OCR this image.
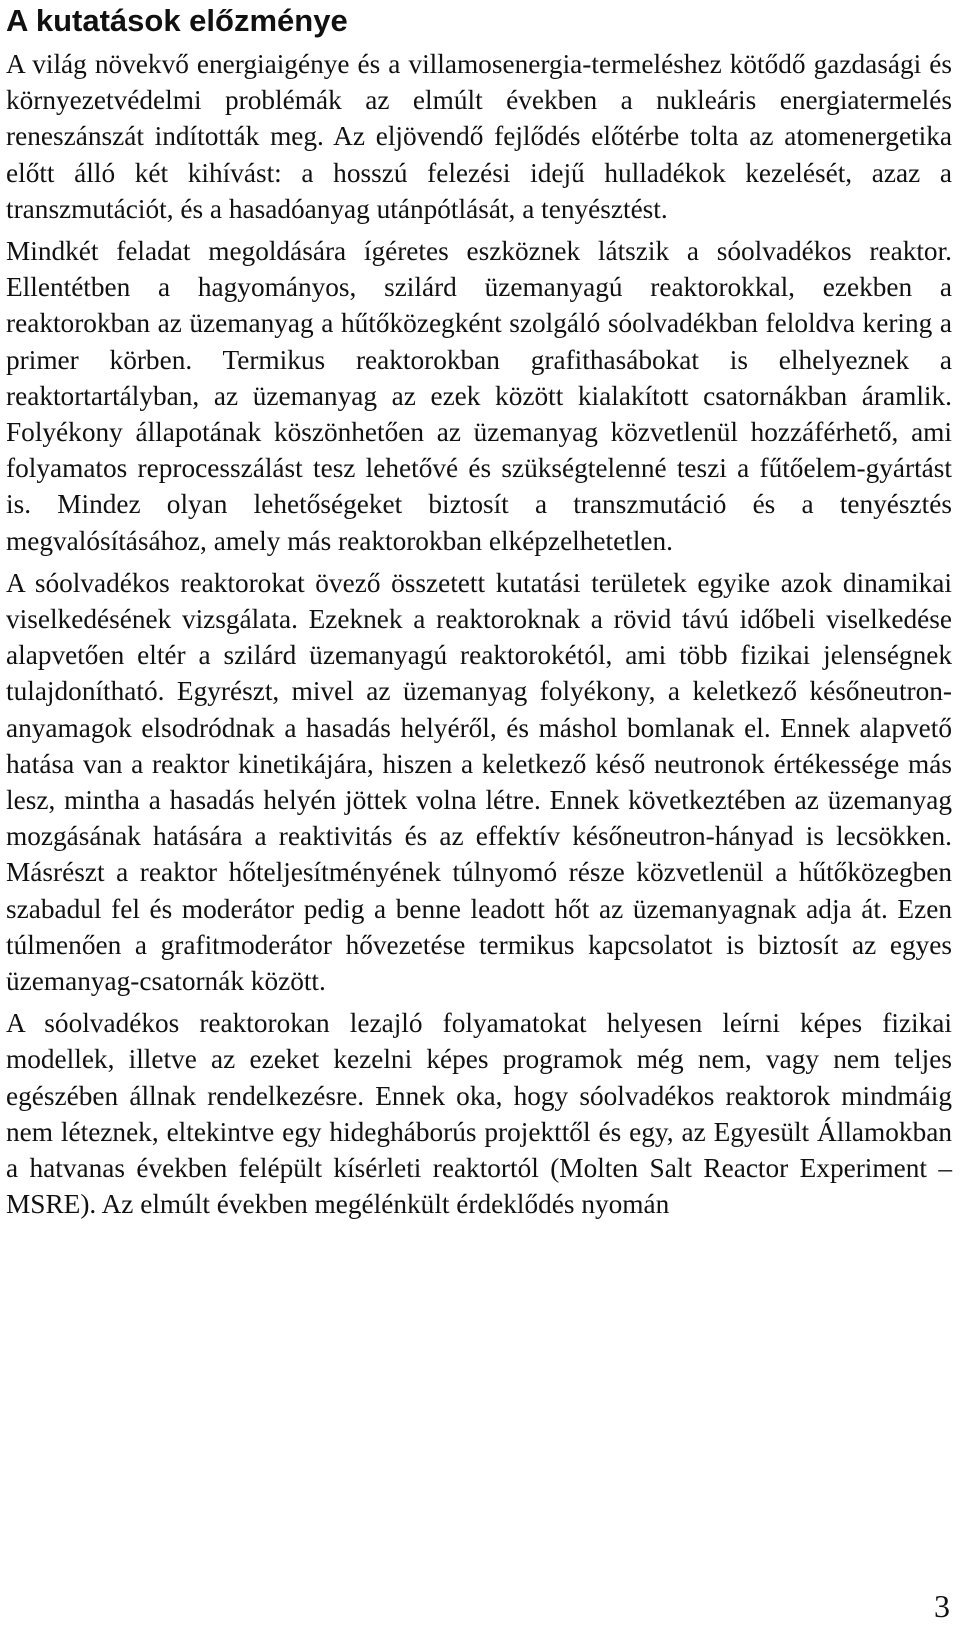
A kutatások előzménye

A világ növekvő energiaigénye és a villamosenergia-termeléshez kötődő gazdasági és környezetvédelmi problémák az elmúlt években a nukleáris energiatermelés reneszánszát indították meg. Az eljövendő fejlődés előtérbe tolta az atomenergetika előtt álló két kihívást: a hosszú felezési idejű hulladékok kezelését, azaz a transzmutációt, és a hasadóanyag utánpótlását, a tenyésztést.

Mindkét feladat megoldására ígéretes eszköznek látszik a sóolvadékos reaktor. Ellentétben a hagyományos, szilárd üzemanyagú reaktorokkal, ezekben a reaktorokban az üzemanyag a hűtőközegként szolgáló sóolvadékban feloldva kering a primer körben. Termikus reaktorokban grafithasábokat is elhelyeznek a reaktortartályban, az üzemanyag az ezek között kialakított csatornákban áramlik. Folyékony állapotának köszönhetően az üzemanyag közvetlenül hozzáférhető, ami folyamatos reprocesszálást tesz lehetővé és szükségtelenné teszi a fűtőelem-gyártást is. Mindez olyan lehetőségeket biztosít a transzmutáció és a tenyésztés megvalósításához, amely más reaktorokban elképzelhetetlen.

A sóolvadékos reaktorokat övező összetett kutatási területek egyike azok dinamikai viselkedésének vizsgálata. Ezeknek a reaktoroknak a rövid távú időbeli viselkedése alapvetően eltér a szilárd üzemanyagú reaktorokétól, ami több fizikai jelenségnek tulajdonítható. Egyrészt, mivel az üzemanyag folyékony, a keletkező későneutron-anyamagok elsodródnak a hasadás helyéről, és máshol bomlanak el. Ennek alapvető hatása van a reaktor kinetikájára, hiszen a keletkező késő neutronok értékessége más lesz, mintha a hasadás helyén jöttek volna létre. Ennek következtében az üzemanyag mozgásának hatására a reaktivitás és az effektív későneutron-hányad is lecsökken. Másrészt a reaktor hőteljesítményének túlnyomó része közvetlenül a hűtőközegben szabadul fel és moderátor pedig a benne leadott hőt az üzemanyagnak adja át. Ezen túlmenően a grafitmoderátor hővezetése termikus kapcsolatot is biztosít az egyes üzemanyag-csatornák között.

A sóolvadékos reaktorokan lezajló folyamatokat helyesen leírni képes fizikai modellek, illetve az ezeket kezelni képes programok még nem, vagy nem teljes egészében állnak rendelkezésre. Ennek oka, hogy sóolvadékos reaktorok mindmáig nem léteznek, eltekintve egy hidegháborús projekttől és egy, az Egyesült Államokban a hatvanas években felépült kísérleti reaktortól (Molten Salt Reactor Experiment – MSRE). Az elmúlt években megélénkült érdeklődés nyomán

3
